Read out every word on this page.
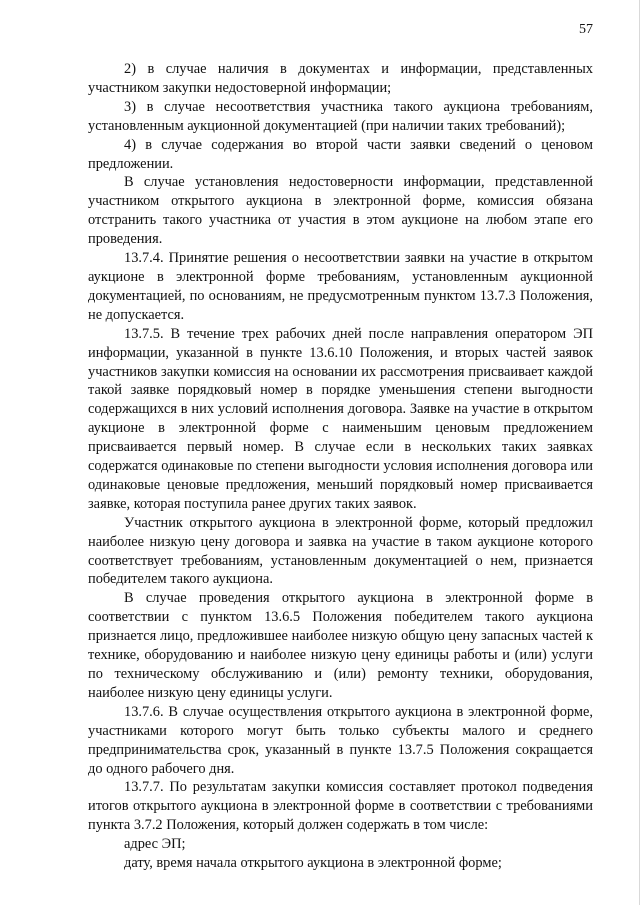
57

2) в случае наличия в документах и информации, представленных участником закупки недостоверной информации;

3) в случае несоответствия участника такого аукциона требованиям, установленным аукционной документацией (при наличии таких требований);

4) в случае содержания во второй части заявки сведений о ценовом предложении.

В случае установления недостоверности информации, представленной участником открытого аукциона в электронной форме, комиссия обязана отстранить такого участника от участия в этом аукционе на любом этапе его проведения.

13.7.4. Принятие решения о несоответствии заявки на участие в открытом аукционе в электронной форме требованиям, установленным аукционной документацией, по основаниям, не предусмотренным пунктом 13.7.3 Положения, не допускается.

13.7.5. В течение трех рабочих дней после направления оператором ЭП информации, указанной в пункте 13.6.10 Положения, и вторых частей заявок участников закупки комиссия на основании их рассмотрения присваивает каждой такой заявке порядковый номер в порядке уменьшения степени выгодности содержащихся в них условий исполнения договора. Заявке на участие в открытом аукционе в электронной форме с наименьшим ценовым предложением присваивается первый номер. В случае если в нескольких таких заявках содержатся одинаковые по степени выгодности условия исполнения договора или одинаковые ценовые предложения, меньший порядковый номер присваивается заявке, которая поступила ранее других таких заявок.

Участник открытого аукциона в электронной форме, который предложил наиболее низкую цену договора и заявка на участие в таком аукционе которого соответствует требованиям, установленным документацией о нем, признается победителем такого аукциона.

В случае проведения открытого аукциона в электронной форме в соответствии с пунктом 13.6.5 Положения победителем такого аукциона признается лицо, предложившее наиболее низкую общую цену запасных частей к технике, оборудованию и наиболее низкую цену единицы работы и (или) услуги по техническому обслуживанию и (или) ремонту техники, оборудования, наиболее низкую цену единицы услуги.

13.7.6. В случае осуществления открытого аукциона в электронной форме, участниками которого могут быть только субъекты малого и среднего предпринимательства срок, указанный в пункте 13.7.5 Положения сокращается до одного рабочего дня.

13.7.7. По результатам закупки комиссия составляет протокол подведения итогов открытого аукциона в электронной форме в соответствии с требованиями пункта 3.7.2 Положения, который должен содержать в том числе:

адрес ЭП;

дату, время начала открытого аукциона в электронной форме;
